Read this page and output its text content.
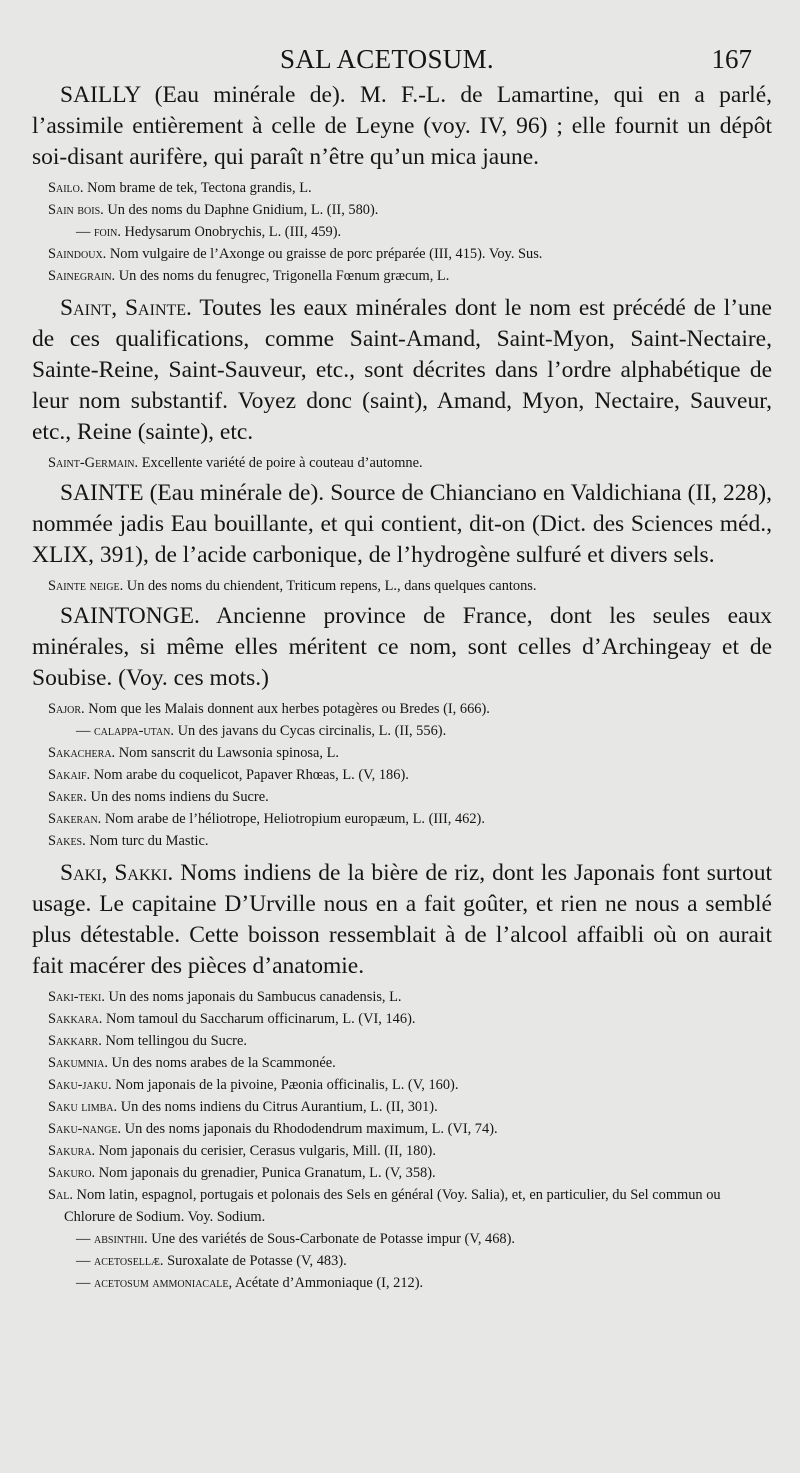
SAL ACETOSUM.	167

SAILLY (Eau minérale de). M. F.-L. de Lamartine, qui en a parlé, l’assimile entièrement à celle de Leyne (voy. IV, 96) ; elle fournit un dépôt soi-disant aurifère, qui paraît n’être qu’un mica jaune.

Sailo. Nom brame de tek, Tectona grandis, L.

Sain bois. Un des noms du Daphne Gnidium, L. (II, 580).

— foin. Hedysarum Onobrychis, L. (III, 459).

Saindoux. Nom vulgaire de l’Axonge ou graisse de porc préparée (III, 415). Voy. Sus.

Sainegrain. Un des noms du fenugrec, Trigonella Fœnum græcum, L.

Saint, Sainte. Toutes les eaux minérales dont le nom est précédé de l’une de ces qualifications, comme Saint-Amand, Saint-Myon, Saint-Nectaire, Sainte-Reine, Saint-Sauveur, etc., sont décrites dans l’ordre alphabétique de leur nom substantif. Voyez donc (saint), Amand, Myon, Nectaire, Sauveur, etc., Reine (sainte), etc.

Saint-Germain. Excellente variété de poire à couteau d’automne.

SAINTE (Eau minérale de). Source de Chianciano en Valdichiana (II, 228), nommée jadis Eau bouillante, et qui contient, dit-on (Dict. des Sciences méd., XLIX, 391), de l’acide carbonique, de l’hydrogène sulfuré et divers sels.

Sainte neige. Un des noms du chiendent, Triticum repens, L., dans quelques cantons.

SAINTONGE. Ancienne province de France, dont les seules eaux minérales, si même elles méritent ce nom, sont celles d’Archingeay et de Soubise. (Voy. ces mots.)

Sajor. Nom que les Malais donnent aux herbes potagères ou Bredes (I, 666).

— calappa-utan. Un des javans du Cycas circinalis, L. (II, 556).

Sakachera. Nom sanscrit du Lawsonia spinosa, L.

Sakaif. Nom arabe du coquelicot, Papaver Rhœas, L. (V, 186).

Saker. Un des noms indiens du Sucre.

Sakeran. Nom arabe de l’héliotrope, Heliotropium europæum, L. (III, 462).

Sakes. Nom turc du Mastic.

Saki, Sakki. Noms indiens de la bière de riz, dont les Japonais font surtout usage. Le capitaine D’Urville nous en a fait goûter, et rien ne nous a semblé plus détestable. Cette boisson ressemblait à de l’alcool affaibli où on aurait fait macérer des pièces d’anatomie.

Saki-teki. Un des noms japonais du Sambucus canadensis, L.

Sakkara. Nom tamoul du Saccharum officinarum, L. (VI, 146).

Sakkarr. Nom tellingou du Sucre.

Sakumnia. Un des noms arabes de la Scammonée.

Saku-jaku. Nom japonais de la pivoine, Pæonia officinalis, L. (V, 160).

Saku limba. Un des noms indiens du Citrus Aurantium, L. (II, 301).

Saku-nange. Un des noms japonais du Rhododendrum maximum, L. (VI, 74).

Sakura. Nom japonais du cerisier, Cerasus vulgaris, Mill. (II, 180).

Sakuro. Nom japonais du grenadier, Punica Granatum, L. (V, 358).

Sal. Nom latin, espagnol, portugais et polonais des Sels en général (Voy. Salia), et, en particulier, du Sel commun ou Chlorure de Sodium. Voy. Sodium.

— absinthii. Une des variétés de Sous-Carbonate de Potasse impur (V, 468).

— acetosellæ. Suroxalate de Potasse (V, 483).

— acetosum ammoniacale, Acétate d’Ammoniaque (I, 212).
